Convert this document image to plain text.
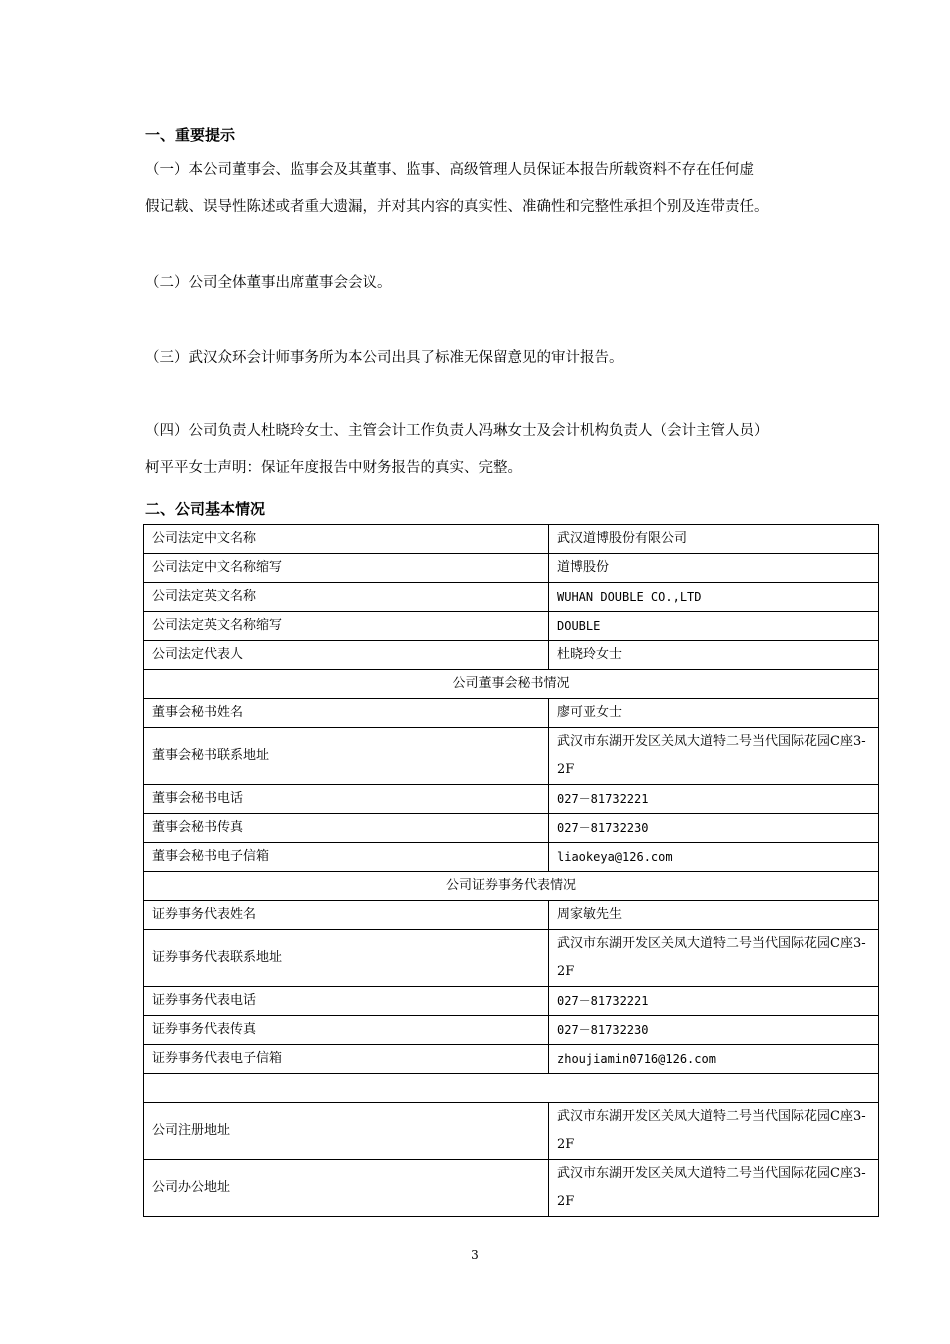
一、重要提示
（一）本公司董事会、监事会及其董事、监事、高级管理人员保证本报告所载资料不存在任何虚
假记载、误导性陈述或者重大遗漏，并对其内容的真实性、准确性和完整性承担个别及连带责任。
（二）公司全体董事出席董事会会议。
（三）武汉众环会计师事务所为本公司出具了标准无保留意见的审计报告。
（四）公司负责人杜晓玲女士、主管会计工作负责人冯琳女士及会计机构负责人（会计主管人员）
柯平平女士声明：保证年度报告中财务报告的真实、完整。
二、公司基本情况
公司法定中文名称	武汉道博股份有限公司
公司法定中文名称缩写	道博股份
公司法定英文名称	WUHAN DOUBLE CO.,LTD
公司法定英文名称缩写	DOUBLE
公司法定代表人	杜晓玲女士
公司董事会秘书情况	
董事会秘书姓名	廖可亚女士
董事会秘书联系地址	武汉市东湖开发区关凤大道特二号当代国际花园C座3-2F
董事会秘书电话	027－81732221
董事会秘书传真	027－81732230
董事会秘书电子信箱	liaokeya@126.com
公司证券事务代表情况	
证券事务代表姓名	周家敏先生
证券事务代表联系地址	武汉市东湖开发区关凤大道特二号当代国际花园C座3-2F
证券事务代表电话	027－81732221
证券事务代表传真	027－81732230
证券事务代表电子信箱	zhoujiamin0716@126.com

公司注册地址	武汉市东湖开发区关凤大道特二号当代国际花园C座3-2F
公司办公地址	武汉市东湖开发区关凤大道特二号当代国际花园C座3-2F
3
